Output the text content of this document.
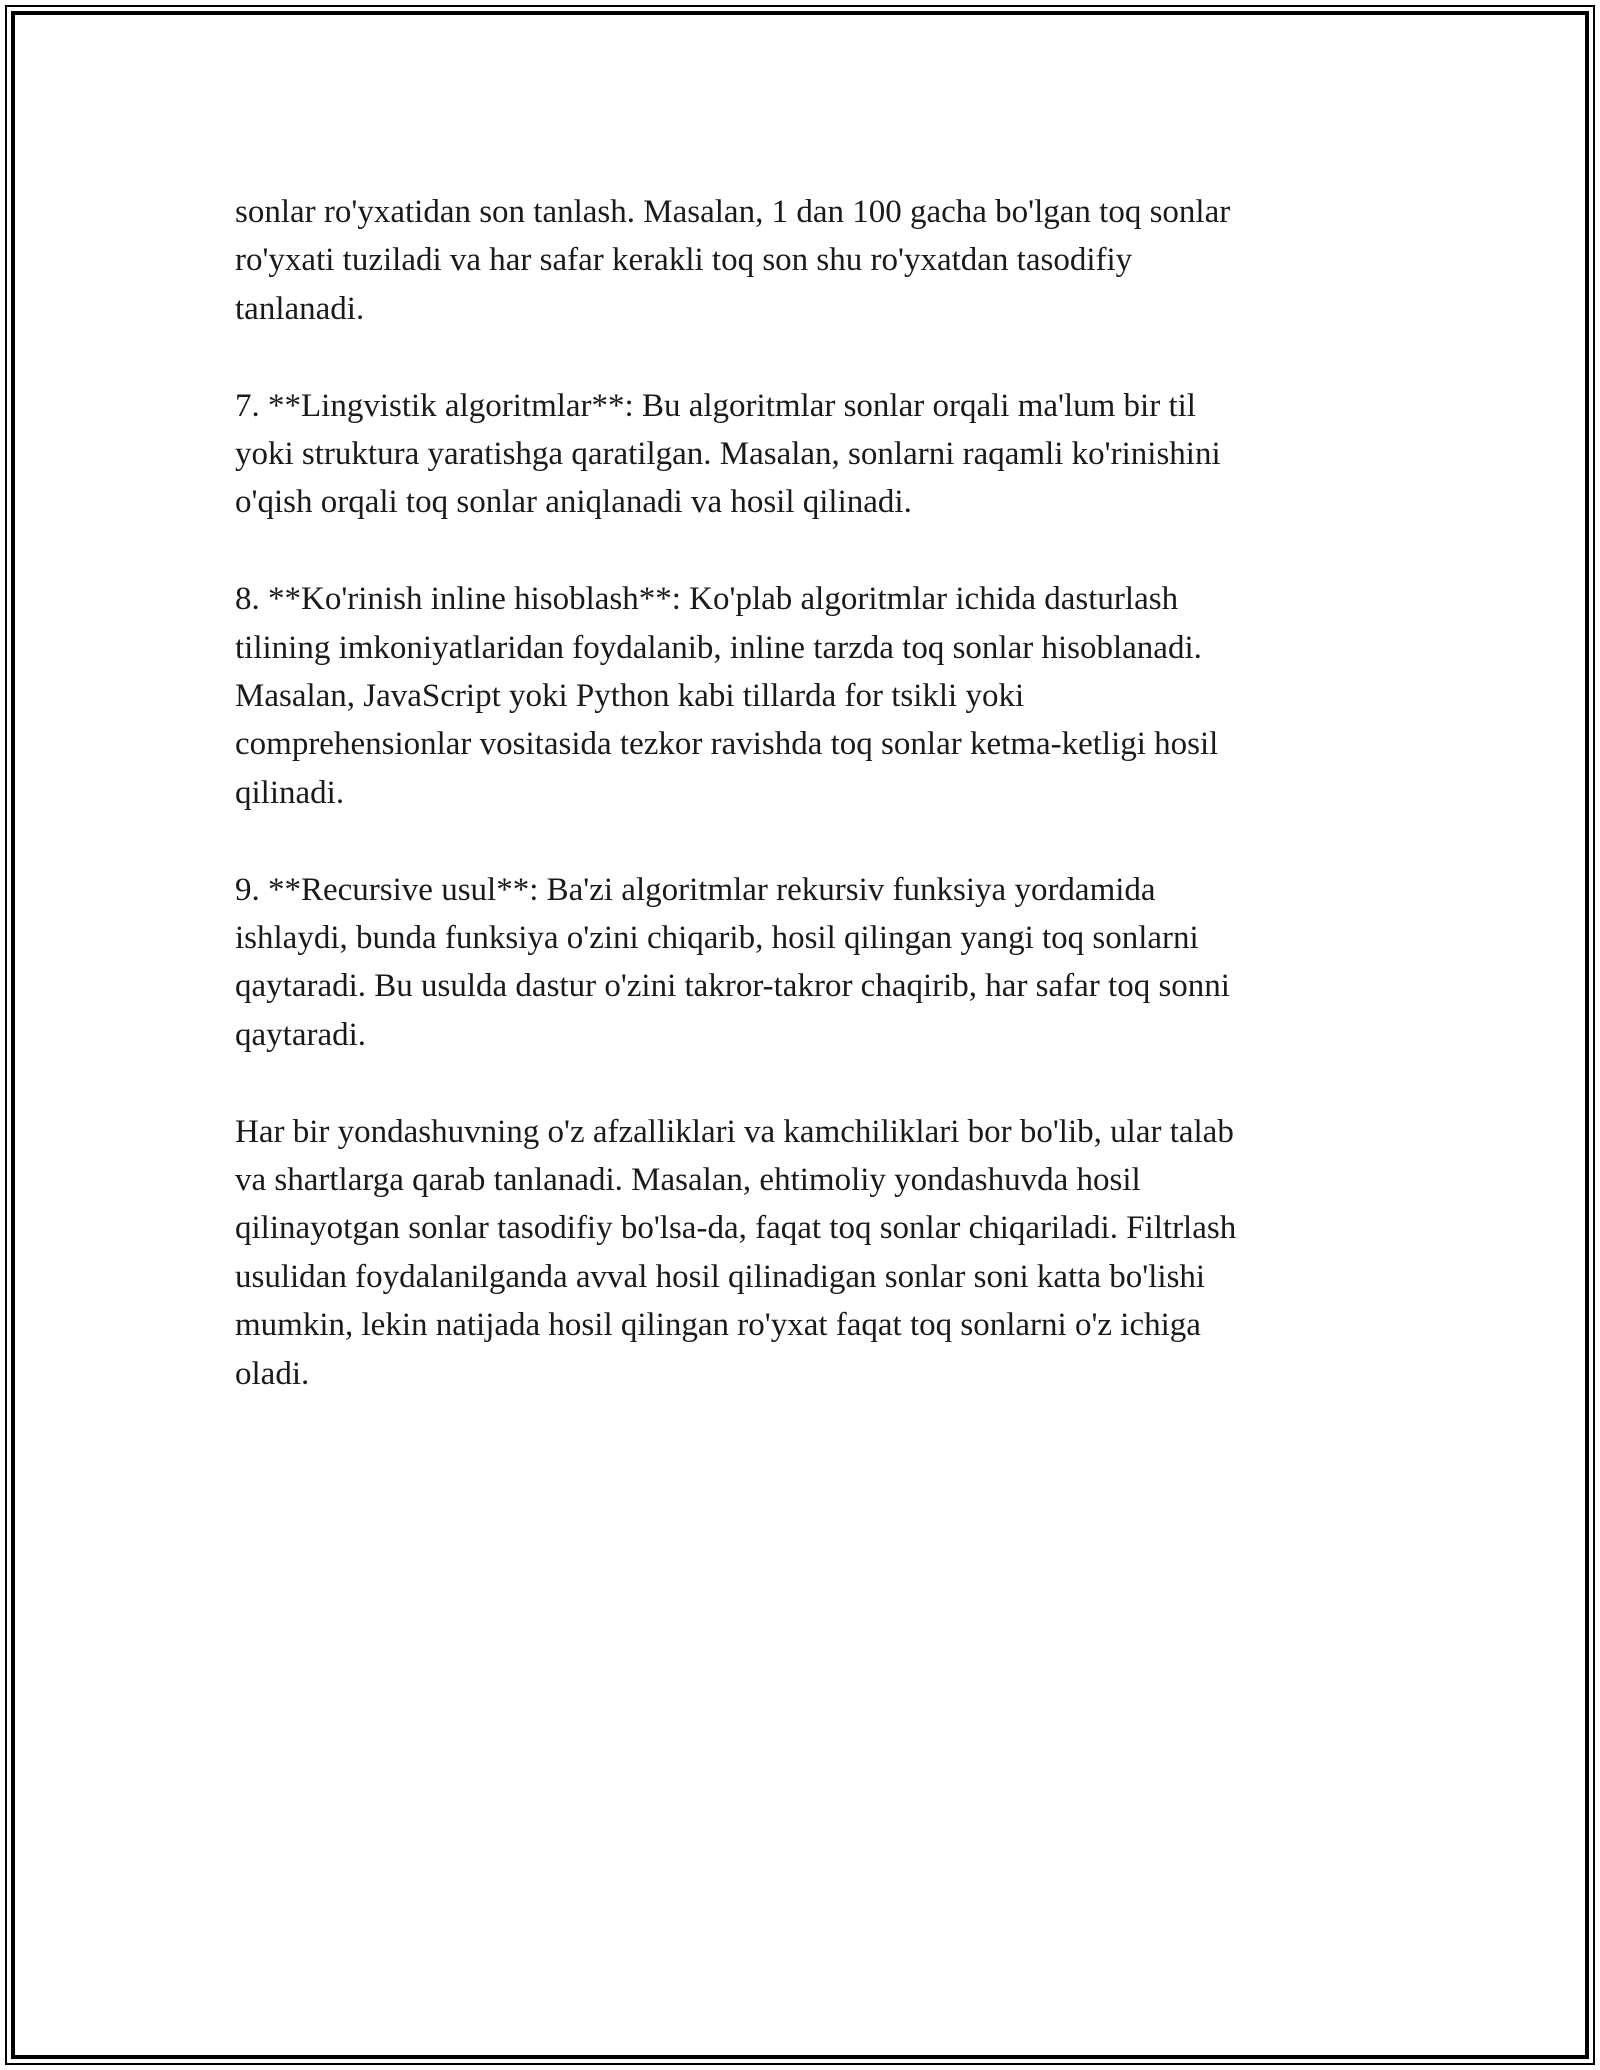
sonlar ro'yxatidan son tanlash. Masalan, 1 dan 100 gacha bo'lgan toq sonlar
ro'yxati tuziladi va har safar kerakli toq son shu ro'yxatdan tasodifiy
tanlanadi.

7. **Lingvistik algoritmlar**: Bu algoritmlar sonlar orqali ma'lum bir til
yoki struktura yaratishga qaratilgan. Masalan, sonlarni raqamli ko'rinishini
o'qish orqali toq sonlar aniqlanadi va hosil qilinadi.

8. **Ko'rinish inline hisoblash**: Ko'plab algoritmlar ichida dasturlash
tilining imkoniyatlaridan foydalanib, inline tarzda toq sonlar hisoblanadi.
Masalan, JavaScript yoki Python kabi tillarda for tsikli yoki
comprehensionlar vositasida tezkor ravishda toq sonlar ketma-ketligi hosil
qilinadi.

9. **Recursive usul**: Ba'zi algoritmlar rekursiv funksiya yordamida
ishlaydi, bunda funksiya o'zini chiqarib, hosil qilingan yangi toq sonlarni
qaytaradi. Bu usulda dastur o'zini takror-takror chaqirib, har safar toq sonni
qaytaradi.

Har bir yondashuvning o'z afzalliklari va kamchiliklari bor bo'lib, ular talab
va shartlarga qarab tanlanadi. Masalan, ehtimoliy yondashuvda hosil
qilinayotgan sonlar tasodifiy bo'lsa-da, faqat toq sonlar chiqariladi. Filtrlash
usulidan foydalanilganda avval hosil qilinadigan sonlar soni katta bo'lishi
mumkin, lekin natijada hosil qilingan ro'yxat faqat toq sonlarni o'z ichiga
oladi.
